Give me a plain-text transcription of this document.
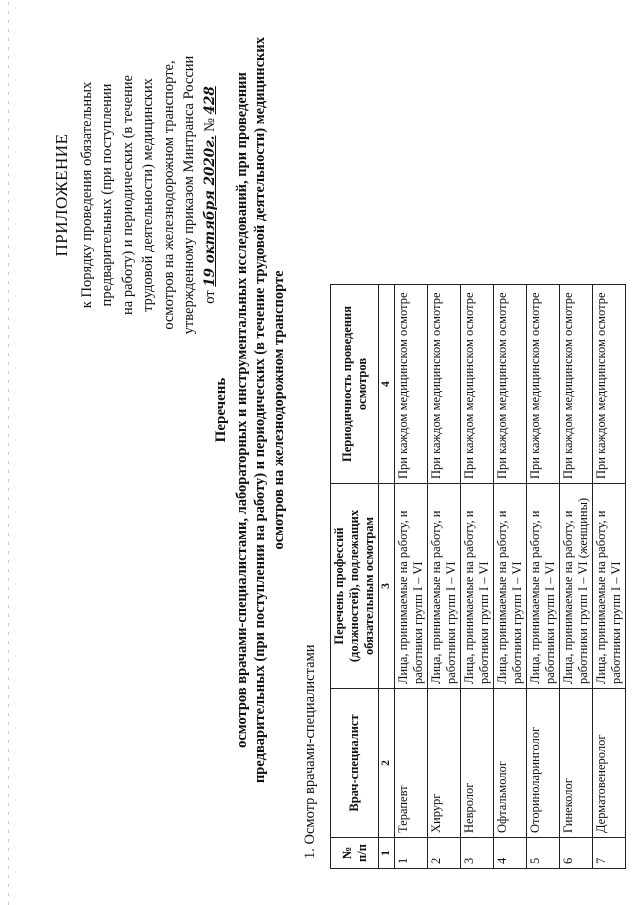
ПРИЛОЖЕНИЕ к Порядку проведения обязательных предварительных (при поступлении на работу) и периодических (в течение трудовой деятельности) медицинских осмотров на железнодорожном транспорте, утвержденному приказом Минтранса России от 19 октября 2020г. № 428
Перечень осмотров врачами-специалистами, лабораторных и инструментальных исследований, при проведении предварительных (при поступлении на работу) и периодических (в течение трудовой деятельности) медицинских осмотров на железнодорожном транспорте
1. Осмотр врачами-специалистами № п/п	Врач-специалист	Перечень профессий (должностей), подлежащих обязательным осмотрам	Периодичность проведения осмотров
1	2	3	4
1	Терапевт	Лица, принимаемые на работу, и работники групп I – VI	При каждом медицинском осмотре
2	Хирург	Лица, принимаемые на работу, и работники групп I – VI	При каждом медицинском осмотре
3	Невролог	Лица, принимаемые на работу, и работники групп I – VI	При каждом медицинском осмотре
4	Офтальмолог	Лица, принимаемые на работу, и работники групп I – VI	При каждом медицинском осмотре
5	Оториноларинголог	Лица, принимаемые на работу, и работники групп I – VI	При каждом медицинском осмотре
6	Гинеколог	Лица, принимаемые на работу, и работники групп I – VI (женщины)	При каждом медицинском осмотре
7	Дерматовенеролог	Лица, принимаемые на работу, и работники групп I – VI	При каждом медицинском осмотре
